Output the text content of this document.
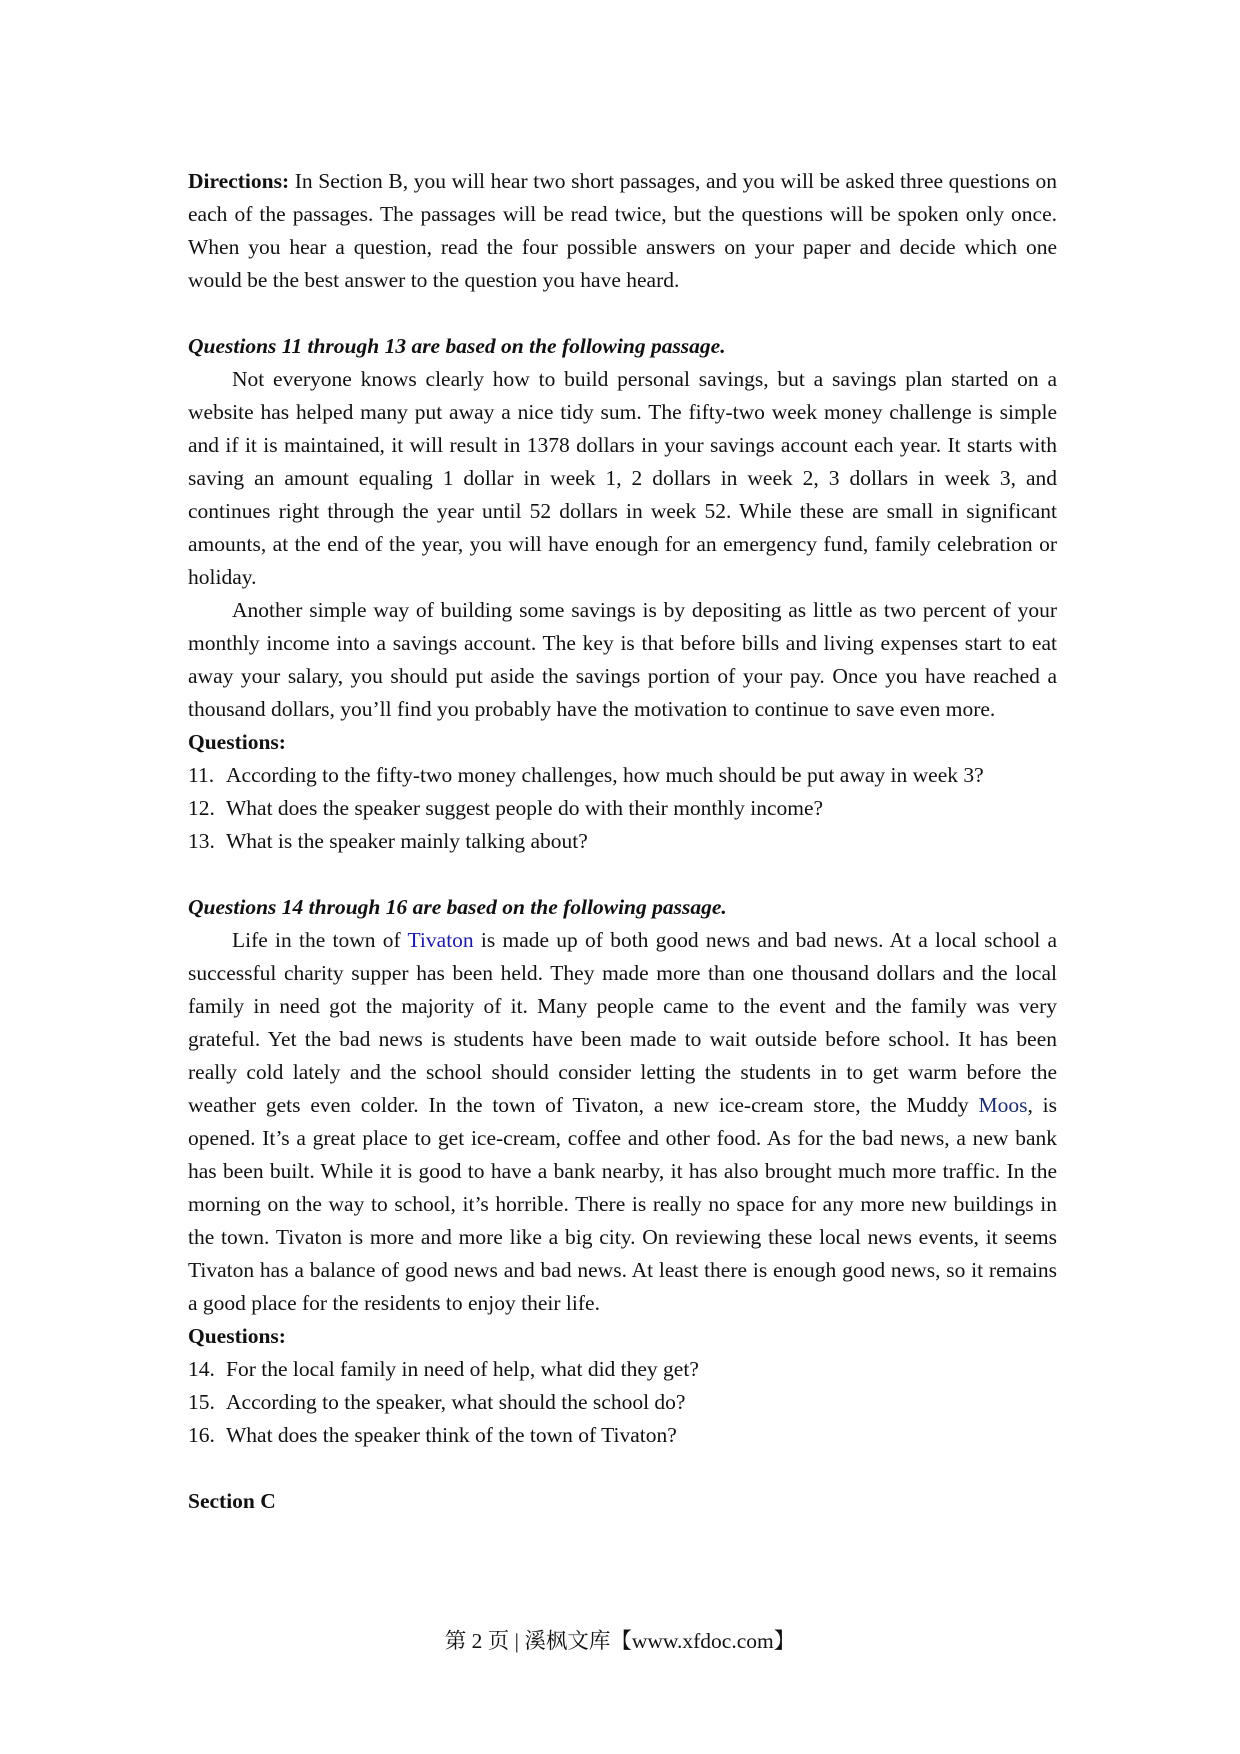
Directions: In Section B, you will hear two short passages, and you will be asked three questions on each of the passages. The passages will be read twice, but the questions will be spoken only once. When you hear a question, read the four possible answers on your paper and decide which one would be the best answer to the question you have heard.

Questions 11 through 13 are based on the following passage.

Not everyone knows clearly how to build personal savings, but a savings plan started on a website has helped many put away a nice tidy sum. The fifty-two week money challenge is simple and if it is maintained, it will result in 1378 dollars in your savings account each year. It starts with saving an amount equaling 1 dollar in week 1, 2 dollars in week 2, 3 dollars in week 3, and continues right through the year until 52 dollars in week 52. While these are small in significant amounts, at the end of the year, you will have enough for an emergency fund, family celebration or holiday.

Another simple way of building some savings is by depositing as little as two percent of your monthly income into a savings account. The key is that before bills and living expenses start to eat away your salary, you should put aside the savings portion of your pay. Once you have reached a thousand dollars, you’ll find you probably have the motivation to continue to save even more.

Questions:

11. According to the fifty-two money challenges, how much should be put away in week 3?
12. What does the speaker suggest people do with their monthly income?
13. What is the speaker mainly talking about?

Questions 14 through 16 are based on the following passage.

Life in the town of Tivaton is made up of both good news and bad news. At a local school a successful charity supper has been held. They made more than one thousand dollars and the local family in need got the majority of it. Many people came to the event and the family was very grateful. Yet the bad news is students have been made to wait outside before school. It has been really cold lately and the school should consider letting the students in to get warm before the weather gets even colder. In the town of Tivaton, a new ice-cream store, the Muddy Moos, is opened. It’s a great place to get ice-cream, coffee and other food. As for the bad news, a new bank has been built. While it is good to have a bank nearby, it has also brought much more traffic. In the morning on the way to school, it’s horrible. There is really no space for any more new buildings in the town. Tivaton is more and more like a big city. On reviewing these local news events, it seems Tivaton has a balance of good news and bad news. At least there is enough good news, so it remains a good place for the residents to enjoy their life.

Questions:

14. For the local family in need of help, what did they get?
15. According to the speaker, what should the school do?
16. What does the speaker think of the town of Tivaton?

Section C

第 2 页 | 溪枫文库【www.xfdoc.com】
